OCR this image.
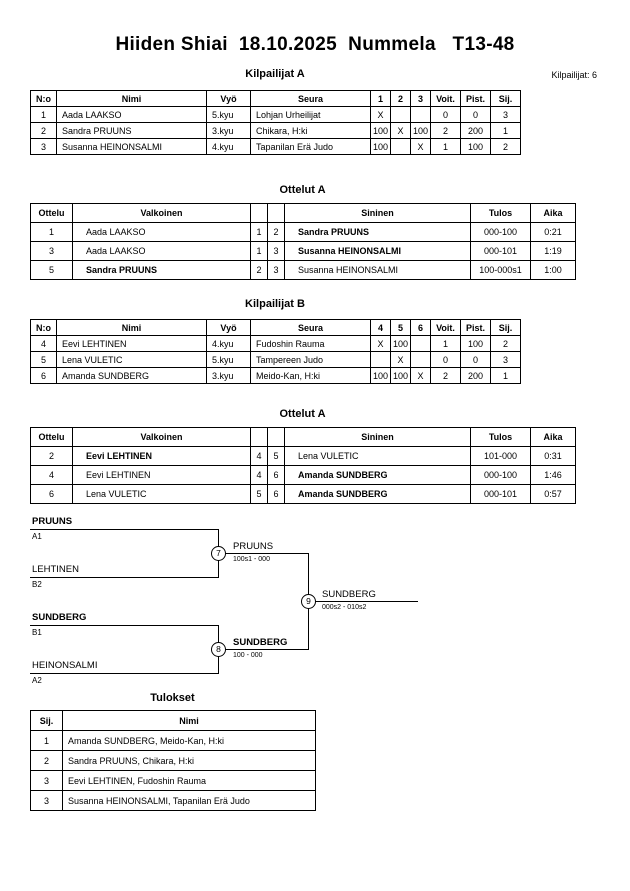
Hiiden Shiai  18.10.2025  Nummela   T13-48
Kilpailijat: 6
Kilpailijat A
N:o	Nimi	Vyö	Seura	1	2	3	Voit.	Pist.	Sij.
1	Aada LAAKSO	5.kyu	Lohjan Urheilijat	X			0	0	3
2	Sandra PRUUNS	3.kyu	Chikara, H:ki	100	X	100	2	200	1
3	Susanna HEINONSALMI	4.kyu	Tapanilan Erä Judo	100		X	1	100	2
Ottelut A
Ottelu	Valkoinen			Sininen	Tulos	Aika
1	Aada LAAKSO	1	2	Sandra PRUUNS	000-100	0:21
3	Aada LAAKSO	1	3	Susanna HEINONSALMI	000-101	1:19
5	Sandra PRUUNS	2	3	Susanna HEINONSALMI	100-000s1	1:00
Kilpailijat B
N:o	Nimi	Vyö	Seura	4	5	6	Voit.	Pist.	Sij.
4	Eevi LEHTINEN	4.kyu	Fudoshin Rauma	X	100		1	100	2
5	Lena VULETIC	5.kyu	Tampereen Judo		X		0	0	3
6	Amanda SUNDBERG	3.kyu	Meido-Kan, H:ki	100	100	X	2	200	1
Ottelut A
Ottelu	Valkoinen			Sininen	Tulos	Aika
2	Eevi LEHTINEN	4	5	Lena VULETIC	101-000	0:31
4	Eevi LEHTINEN	4	6	Amanda SUNDBERG	000-100	1:46
6	Lena VULETIC	5	6	Amanda SUNDBERG	000-101	0:57
PRUUNS
A1
LEHTINEN
B2
SUNDBERG
B1
HEINONSALMI
A2
PRUUNS
100s1 - 000
SUNDBERG
100 - 000
SUNDBERG
000s2 - 010s2
7
8
9
Tulokset
Sij.	Nimi
1	Amanda SUNDBERG, Meido-Kan, H:ki
2	Sandra PRUUNS, Chikara, H:ki
3	Eevi LEHTINEN, Fudoshin Rauma
3	Susanna HEINONSALMI, Tapanilan Erä Judo
